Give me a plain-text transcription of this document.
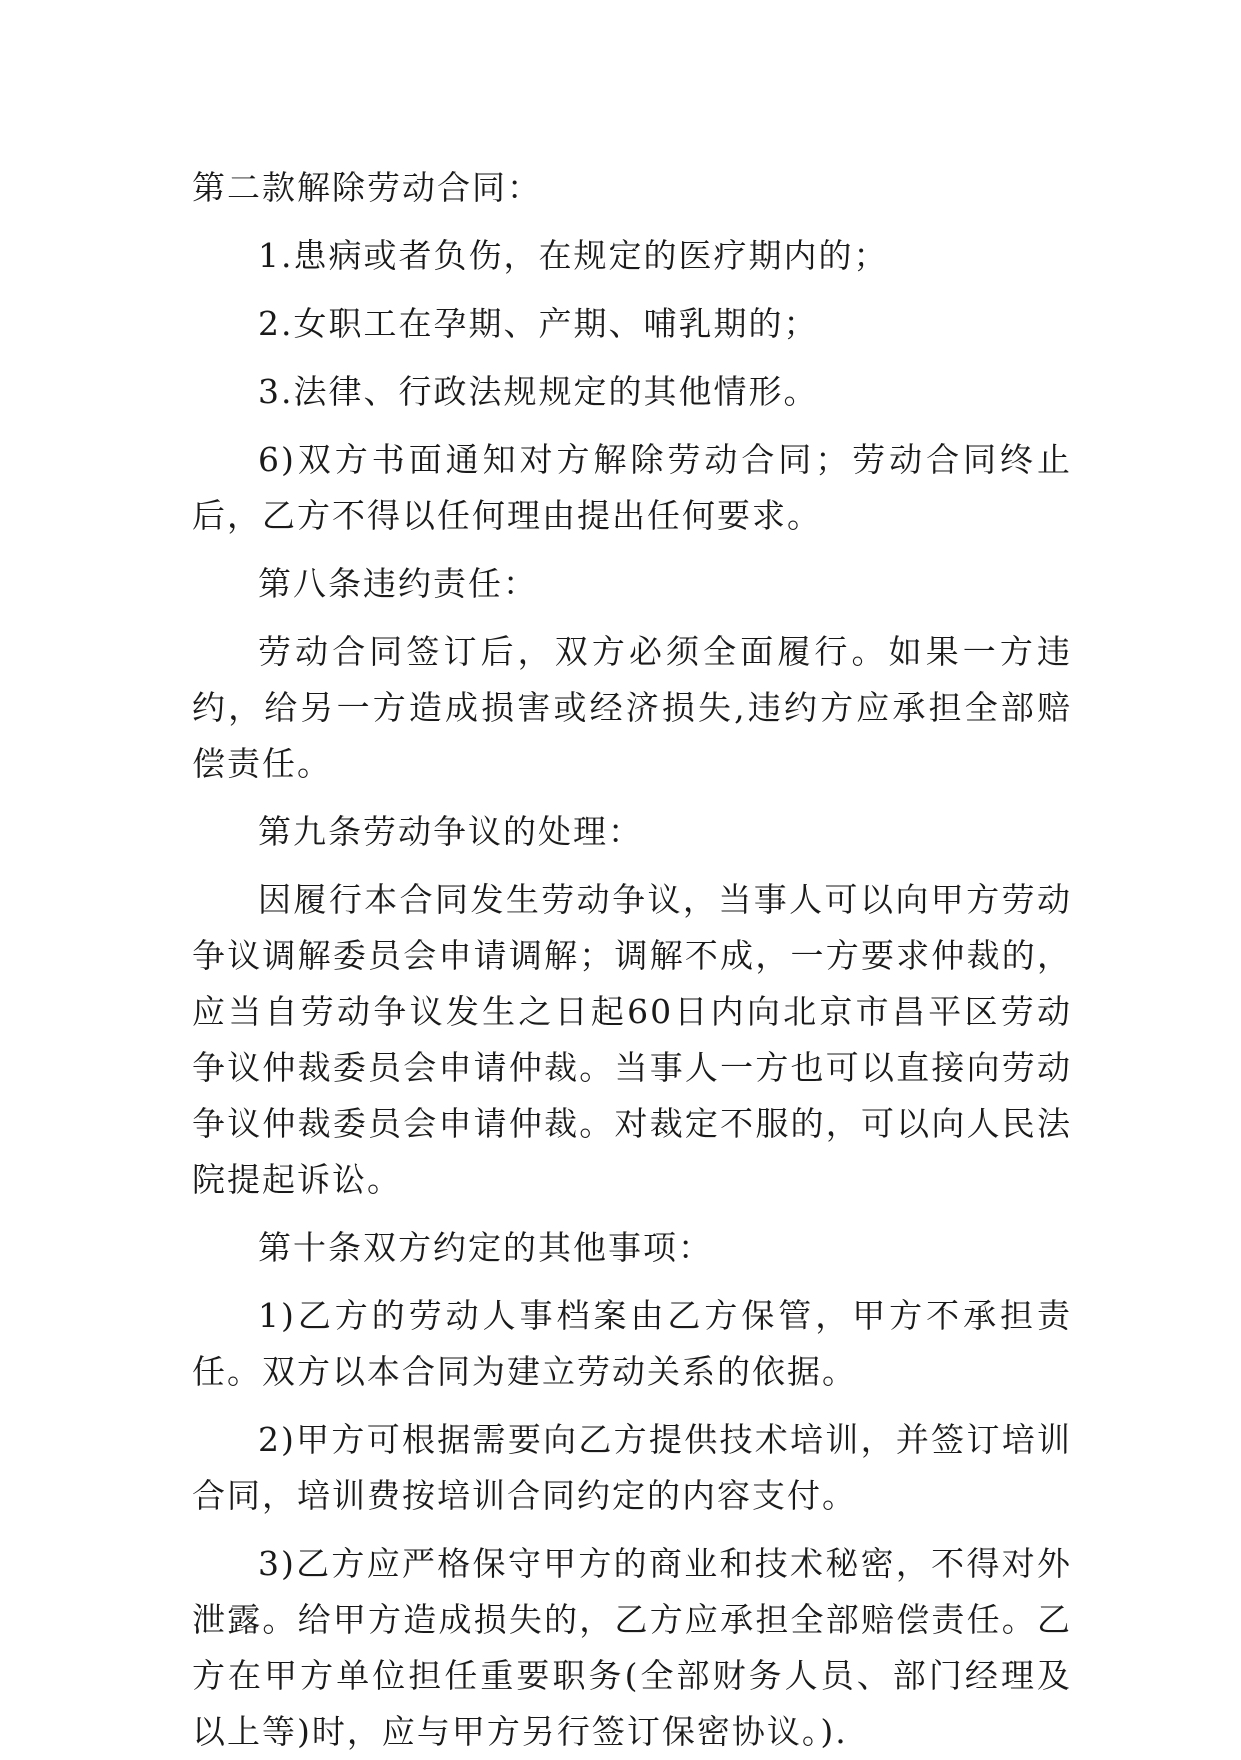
第二款解除劳动合同：

1.患病或者负伤，在规定的医疗期内的；

2.女职工在孕期、产期、哺乳期的；

3.法律、行政法规规定的其他情形。

6)双方书面通知对方解除劳动合同；劳动合同终止后，乙方不得以任何理由提出任何要求。

第八条违约责任：

劳动合同签订后，双方必须全面履行。如果一方违约，给另一方造成损害或经济损失,违约方应承担全部赔偿责任。

第九条劳动争议的处理：

因履行本合同发生劳动争议，当事人可以向甲方劳动争议调解委员会申请调解；调解不成，一方要求仲裁的，应当自劳动争议发生之日起60日内向北京市昌平区劳动争议仲裁委员会申请仲裁。当事人一方也可以直接向劳动争议仲裁委员会申请仲裁。对裁定不服的，可以向人民法院提起诉讼。

第十条双方约定的其他事项：

1)乙方的劳动人事档案由乙方保管，甲方不承担责任。双方以本合同为建立劳动关系的依据。

2)甲方可根据需要向乙方提供技术培训，并签订培训合同，培训费按培训合同约定的内容支付。

3)乙方应严格保守甲方的商业和技术秘密，不得对外泄露。给甲方造成损失的，乙方应承担全部赔偿责任。乙方在甲方单位担任重要职务(全部财务人员、部门经理及以上等)时，应与甲方另行签订保密协议。).
